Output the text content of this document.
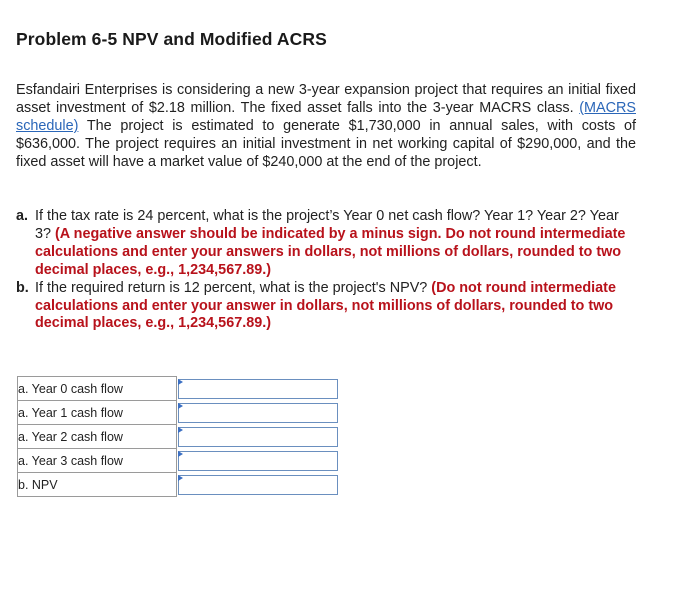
Problem 6-5 NPV and Modified ACRS
Esfandairi Enterprises is considering a new 3-year expansion project that requires an initial fixed asset investment of $2.18 million. The fixed asset falls into the 3-year MACRS class. (MACRS schedule) The project is estimated to generate $1,730,000 in annual sales, with costs of $636,000. The project requires an initial investment in net working capital of $290,000, and the fixed asset will have a market value of $240,000 at the end of the project.
a. If the tax rate is 24 percent, what is the project’s Year 0 net cash flow? Year 1? Year 2? Year 3? (A negative answer should be indicated by a minus sign. Do not round intermediate calculations and enter your answers in dollars, not millions of dollars, rounded to two decimal places, e.g., 1,234,567.89.)
b. If the required return is 12 percent, what is the project's NPV? (Do not round intermediate calculations and enter your answer in dollars, not millions of dollars, rounded to two decimal places, e.g., 1,234,567.89.)
a. Year 0 cash flow	

a. Year 1 cash flow	

a. Year 2 cash flow	

a. Year 3 cash flow	

b. NPV	
